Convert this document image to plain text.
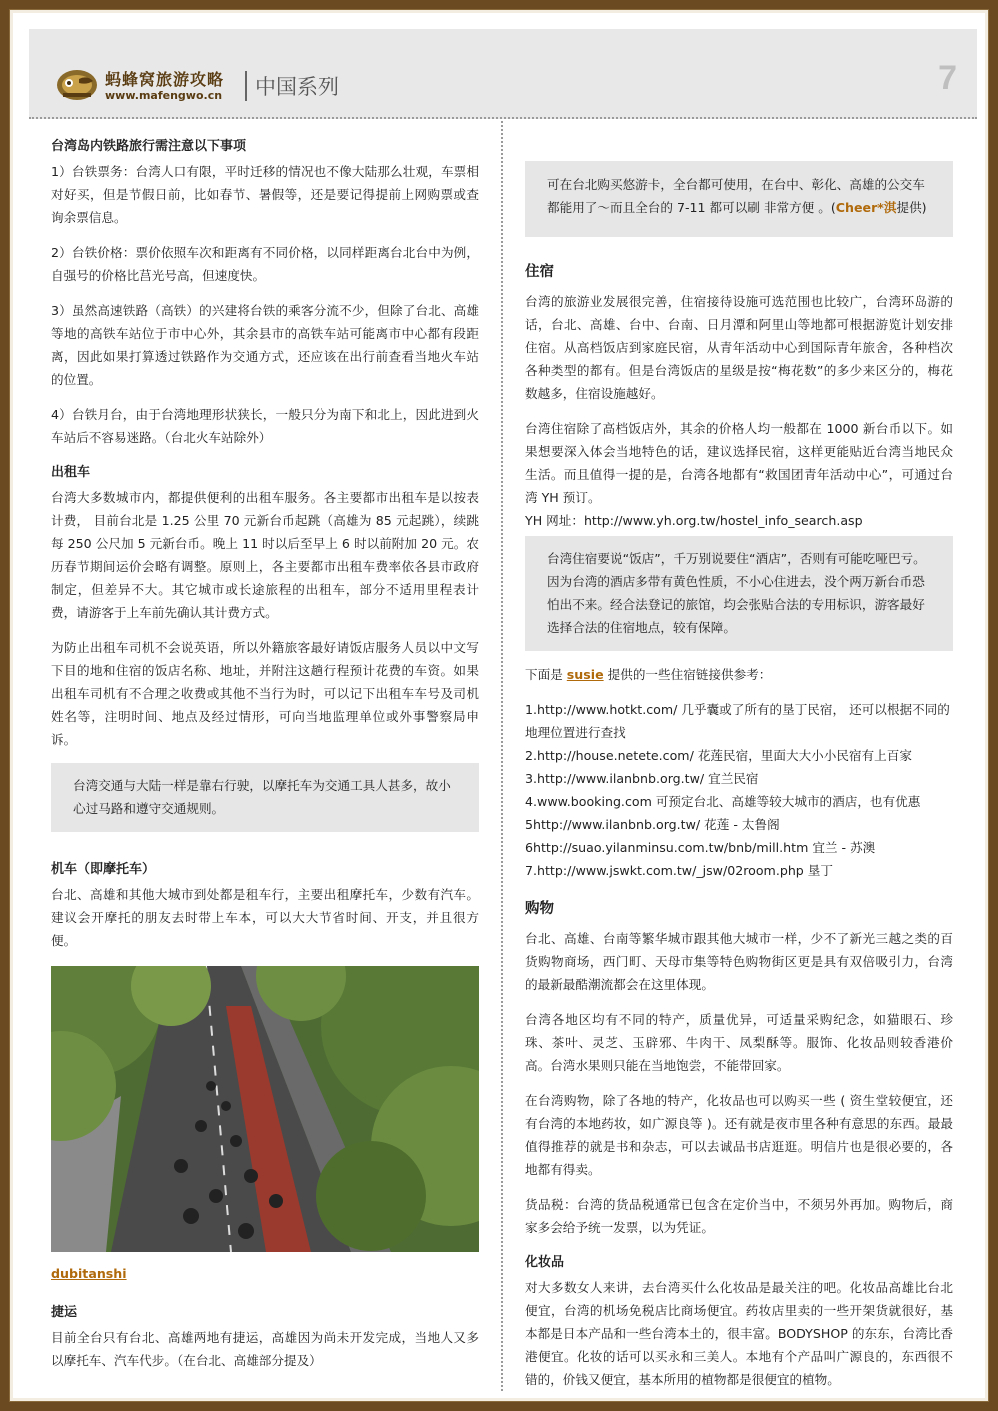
蚂蜂窝旅游攻略
www.mafengwo.cn 中国系列	7
台湾岛内铁路旅行需注意以下事项

1）台铁票务：台湾人口有限，平时迁移的情况也不像大陆那么壮观，车票相对好买，但是节假日前，比如春节、暑假等，还是要记得提前上网购票或查询余票信息。

2）台铁价格：票价依照车次和距离有不同价格，以同样距离台北台中为例，自强号的价格比莒光号高，但速度快。

3）虽然高速铁路（高铁）的兴建将台铁的乘客分流不少，但除了台北、高雄等地的高铁车站位于市中心外，其余县市的高铁车站可能离市中心都有段距离，因此如果打算透过铁路作为交通方式，还应该在出行前查看当地火车站的位置。

4）台铁月台，由于台湾地理形状狭长，一般只分为南下和北上，因此进到火车站后不容易迷路。（台北火车站除外）

出租车

台湾大多数城市内，都提供便利的出租车服务。各主要都市出租车是以按表计费， 目前台北是 1.25 公里 70 元新台币起跳（高雄为 85 元起跳），续跳每 250 公尺加 5 元新台币。晚上 11 时以后至早上 6 时以前附加 20 元。农历春节期间运价会略有调整。原则上，各主要都市出租车费率依各县市政府制定，但差异不大。其它城市或长途旅程的出租车，部分不适用里程表计费，请游客于上车前先确认其计费方式。

为防止出租车司机不会说英语，所以外籍旅客最好请饭店服务人员以中文写下目的地和住宿的饭店名称、地址，并附注这趟行程预计花费的车资。如果出租车司机有不合理之收费或其他不当行为时，可以记下出租车车号及司机姓名等，注明时间、地点及经过情形，可向当地监理单位或外事警察局申诉。

台湾交通与大陆一样是靠右行驶，以摩托车为交通工具人甚多，故小心过马路和遵守交通规则。
机车（即摩托车）

台北、高雄和其他大城市到处都是租车行，主要出租摩托车，少数有汽车。建议会开摩托的朋友去时带上车本，可以大大节省时间、开支，并且很方便。

dubitanshi

捷运

目前全台只有台北、高雄两地有捷运，高雄因为尚未开发完成，当地人又多以摩托车、汽车代步。（在台北、高雄部分提及）

可在台北购买悠游卡，全台都可使用，在台中、彰化、高雄的公交车都能用了～而且全台的 7-11 都可以刷 非常方便 。(Cheer*淇提供)
住宿

台湾的旅游业发展很完善，住宿接待设施可选范围也比较广，台湾环岛游的话，台北、高雄、台中、台南、日月潭和阿里山等地都可根据游览计划安排住宿。从高档饭店到家庭民宿，从青年活动中心到国际青年旅舍，各种档次各种类型的都有。但是台湾饭店的星级是按“梅花数”的多少来区分的，梅花数越多，住宿设施越好。

台湾住宿除了高档饭店外，其余的价格人均一般都在 1000 新台币以下。如果想要深入体会当地特色的话，建议选择民宿，这样更能贴近台湾当地民众生活。而且值得一提的是，台湾各地都有“救国团青年活动中心”，可通过台湾 YH 预订。

YH 网址：http://www.yh.org.tw/hostel_info_search.asp

台湾住宿要说“饭店”，千万别说要住“酒店”，否则有可能吃哑巴亏。因为台湾的酒店多带有黄色性质，不小心住进去，没个两万新台币恐怕出不来。经合法登记的旅馆，均会张贴合法的专用标识，游客最好选择合法的住宿地点，较有保障。

下面是 susie 提供的一些住宿链接供参考：

1.http://www.hotkt.com/ 几乎囊或了所有的垦丁民宿， 还可以根据不同的地理位置进行查找
2.http://house.netete.com/ 花莲民宿，里面大大小小民宿有上百家
3.http://www.ilanbnb.org.tw/ 宜兰民宿
4.www.booking.com 可预定台北、高雄等较大城市的酒店，也有优惠
5http://www.ilanbnb.org.tw/ 花莲 - 太鲁阁
6http://suao.yilanminsu.com.tw/bnb/mill.htm 宜兰 - 苏澳
7.http://www.jswkt.com.tw/_jsw/02room.php 垦丁
购物

台北、高雄、台南等繁华城市跟其他大城市一样，少不了新光三越之类的百货购物商场，西门町、天母市集等特色购物街区更是具有双倍吸引力，台湾的最新最酷潮流都会在这里体现。

台湾各地区均有不同的特产，质量优异，可适量采购纪念，如猫眼石、珍珠、茶叶、灵芝、玉辟邪、牛肉干、凤梨酥等。服饰、化妆品则较香港价高。台湾水果则只能在当地饱尝，不能带回家。

在台湾购物，除了各地的特产，化妆品也可以购买一些 ( 资生堂较便宜，还有台湾的本地药妆，如广源良等 )。还有就是夜市里各种有意思的东西。最最值得推荐的就是书和杂志，可以去诚品书店逛逛。明信片也是很必要的，各地都有得卖。

货品税：台湾的货品税通常已包含在定价当中，不须另外再加。购物后，商家多会给予统一发票，以为凭证。

化妆品

对大多数女人来讲，去台湾买什么化妆品是最关注的吧。化妆品高雄比台北便宜，台湾的机场免税店比商场便宜。药妆店里卖的一些开架货就很好，基本都是日本产品和一些台湾本土的，很丰富。BODYSHOP 的东东，台湾比香港便宜。化妆的话可以买永和三美人。本地有个产品叫广源良的，东西很不错的，价钱又便宜，基本所用的植物都是很便宜的植物。
